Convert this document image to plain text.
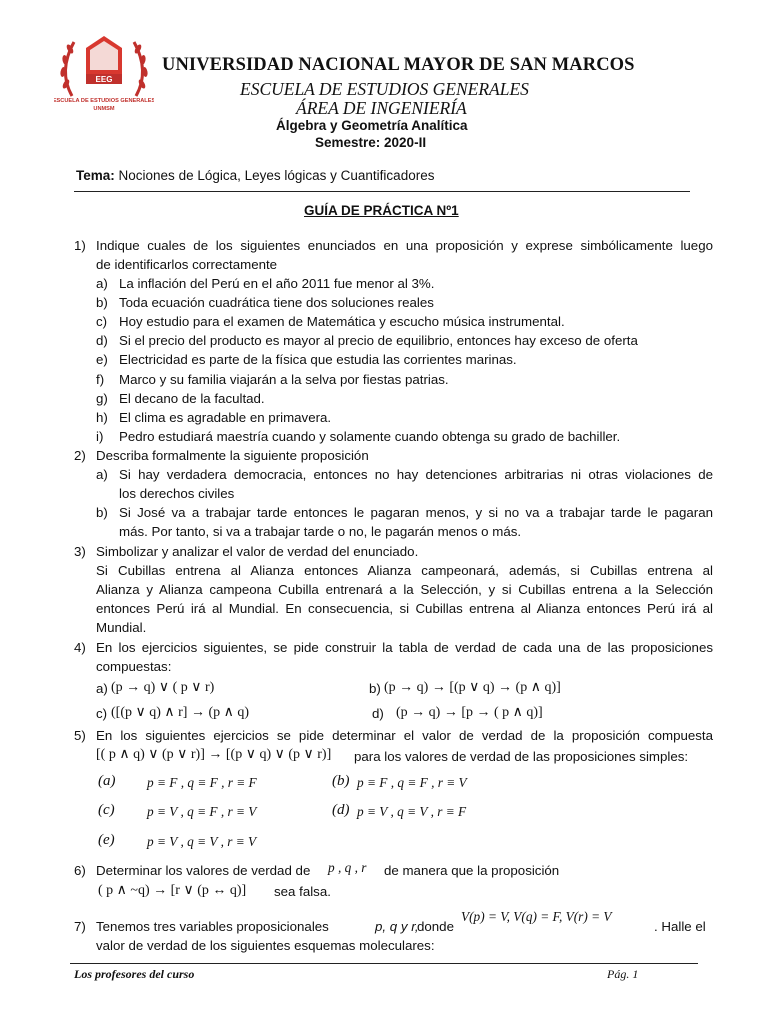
EEG
ESCUELA DE ESTUDIOS GENERALES
UNMSM
UNIVERSIDAD NACIONAL MAYOR DE SAN MARCOS
ESCUELA DE ESTUDIOS GENERALES
ÁREA DE INGENIERÍA
Álgebra y Geometría Analítica
Semestre: 2020-II
Tema: Nociones de Lógica, Leyes lógicas y Cuantificadores
GUÍA DE PRÁCTICA Nº1
1) Indique cuales de los siguientes enunciados en una proposición y exprese simbólicamente luego
de identificarlos correctamente
a) La inflación del Perú en el año 2011 fue menor al 3%.
b) Toda ecuación cuadrática tiene dos soluciones reales
c) Hoy estudio para el examen de Matemática y escucho música instrumental.
d) Si el precio del producto es mayor al precio de equilibrio, entonces hay exceso de oferta
e) Electricidad es parte de la física que estudia las corrientes marinas.
f) Marco y su familia viajarán a la selva por fiestas patrias.
g) El decano de la facultad.
h) El clima es agradable en primavera.
i) Pedro estudiará maestría cuando y solamente cuando obtenga su grado de bachiller.
2) Describa formalmente la siguiente proposición
a) Si hay verdadera democracia, entonces no hay detenciones arbitrarias ni otras violaciones de
los derechos civiles
b) Si José va a trabajar tarde entonces le pagaran menos, y si no va a trabajar tarde le pagaran
más. Por tanto, si va a trabajar tarde o no, le pagarán menos o más.
3) Simbolizar y analizar el valor de verdad del enunciado.
Si Cubillas entrena al Alianza entonces Alianza campeonará, además, si Cubillas entrena al
Alianza y Alianza campeona Cubilla entrenará a la Selección, y si Cubillas entrena a la Selección
entonces Perú irá al Mundial. En consecuencia, si Cubillas entrena al Alianza entonces Perú irá al
Mundial.
4) En los ejercicios siguientes, se pide construir la tabla de verdad de cada una de las proposiciones
compuestas:
a) (p → q) ∨ ( p ∨ r)	b) (p → q) → [(p ∨ q) → (p ∧ q)]
c) ([(p ∨ q) ∧ r] → (p ∧ q)	d) (p → q) → [p → ( p ∧ q)]
5) En los siguientes ejercicios se pide determinar el valor de verdad de la proposición compuesta
[( p ∧ q) ∨ (p ∨ r)] → [(p ∨ q) ∨ (p ∨ r)] para los valores de verdad de las proposiciones simples:
(a) p ≡ F , q ≡ F , r ≡ F	(b) p ≡ F , q ≡ F , r ≡ V
(c) p ≡ V , q ≡ F , r ≡ V	(d) p ≡ V , q ≡ V , r ≡ F
(e) p ≡ V , q ≡ V , r ≡ V
6) Determinar los valores de verdad de p , q , r de manera que la proposición
( p ∧ ~q) → [r ∨ (p ↔ q)] sea falsa.
7) Tenemos tres variables proposicionales	p, q y r,
donde
V(p) = V, V(q) = F, V(r) = V
. Halle el
valor de verdad de los siguientes esquemas moleculares:
Los profesores del curso	Pág. 1
